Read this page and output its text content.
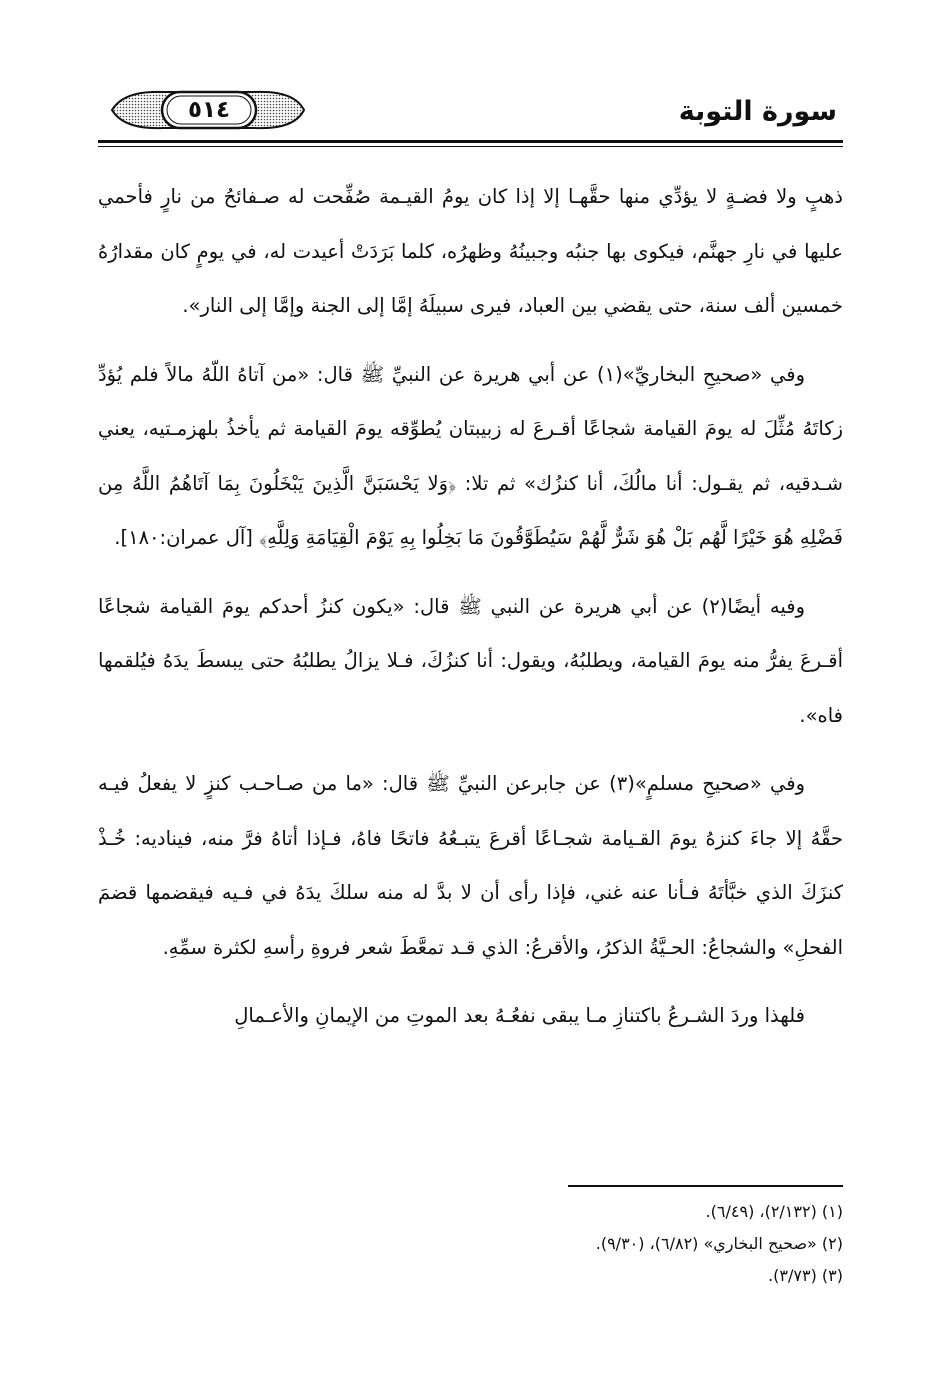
سورة التوبة
٥١٤

ذهبٍ ولا فضـةٍ لا يؤدِّي منها حقَّهـا إلا إذا كان يومُ القيـمة صُفِّحت له صـفائحُ من نارٍ فأحمي عليها في نارِ جهنَّم، فيكوى بها جنبُه وجبينُهُ وظهرُه، كلما بَرَدَتْ أعيدت له، في يومٍ كان مقدارُهُ خمسين ألف سنة، حتى يقضي بين العباد، فيرى سبيلَهُ إمَّا إلى الجنة وإمَّا إلى النار».

وفي «صحيحِ البخاريِّ»(١) عن أبي هريرة عن النبيِّ ﷺ قال: «من آتاهُ اللّهُ مالاً فلم يُؤدِّ زكاتَهُ مُثِّلَ له يومَ القيامة شجاعًا أقـرعَ له زبيبتان يُطوِّقه يومَ القيامة ثم يأخذُ بلهزمـتيه، يعني شـدقيه، ثم يقـول: أنا مالُكَ، أنا كنزُك» ثم تلا: ﴿وَلا يَحْسَبَنَّ الَّذِينَ يَبْخَلُونَ بِمَا آتَاهُمُ اللَّهُ مِن فَضْلِهِ هُوَ خَيْرًا لَّهُم بَلْ هُوَ شَرٌّ لَّهُمْ سَيُطَوَّقُونَ مَا بَخِلُوا بِهِ يَوْمَ الْقِيَامَةِ وَلِلَّهِ﴾ [آل عمران:١٨٠].

وفيه أيضًا(٢) عن أبي هريرة عن النبي ﷺ قال: «يكون كنزُ أحدكم يومَ القيامة شجاعًا أقـرعَ يفرُّ منه يومَ القيامة، ويطلبُهُ، ويقول: أنا كنزُكَ، فـلا يزالُ يطلبُهُ حتى يبسطَ يدَهُ فيُلقمها فاه».

وفي «صحيحِ مسلمٍ»(٣) عن جابرعن النبيِّ ﷺ قال: «ما من صـاحـب كنزٍ لا يفعلُ فيـه حقَّهُ إلا جاءَ كنزهُ يومَ القـيامة شجـاعًا أقرعَ يتبـعُهُ فاتحًا فاهُ، فـإذا أتاهُ فرَّ منه، فيناديه: خُـذْ كنزَكَ الذي خبَّأتَهُ فـأنا عنه غني، فإذا رأى أن لا بدَّ له منه سلكَ يدَهُ في فـيه فيقضمها قضمَ الفحلِ» والشجاعُ: الحـيَّةُ الذكرُ، والأقرعُ: الذي قـد تمعَّطَ شعر فروةِ رأسهِ لكثرة سمِّهِ.

فلهذا وردَ الشـرعُ باكتنازِ مـا يبقى نفعُـهُ بعد الموتِ من الإيمانِ والأعـمالِ

(١) (٢/١٣٢)، (٦/٤٩).

(٢) «صحيح البخاري» (٦/٨٢)، (٩/٣٠).

(٣) (٣/٧٣).
